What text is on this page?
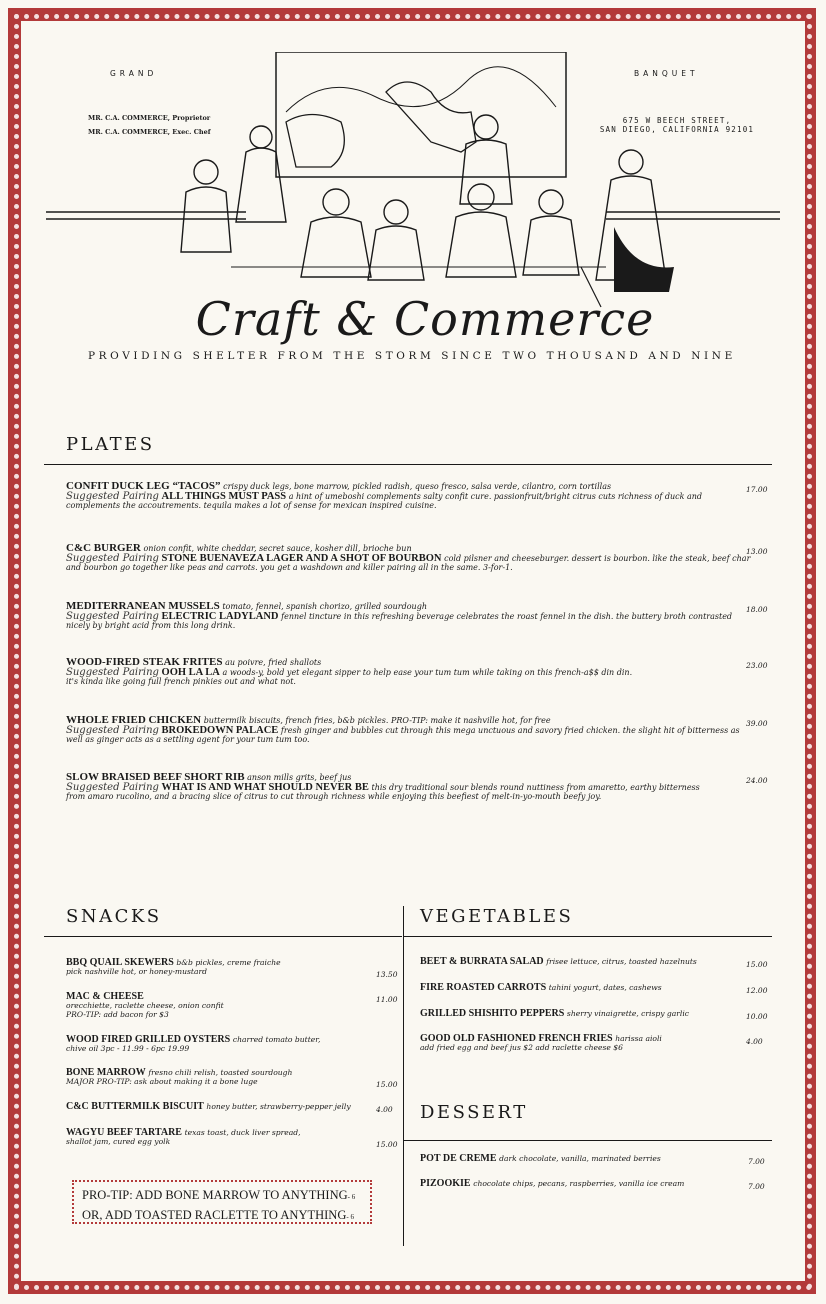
GRAND	BANQUET
MR. C.A. COMMERCE, Proprietor
MR. C.A. COMMERCE, Exec. Chef
675 W BEECH STREET,
SAN DIEGO, CALIFORNIA 92101
Craft & Commerce
PROVIDING SHELTER FROM THE STORM SINCE TWO THOUSAND AND NINE
PLATES
CONFIT DUCK LEG “TACOS” crispy duck legs, bone marrow, pickled radish, queso fresco, salsa verde, cilantro, corn tortillas
Suggested Pairing ALL THINGS MUST PASS a hint of umeboshi complements salty confit cure. passionfruit/bright citrus cuts richness of duck and
complements the accoutrements. tequila makes a lot of sense for mexican inspired cuisine.
17.00
C&C BURGER onion confit, white cheddar, secret sauce, kosher dill, brioche bun
Suggested Pairing STONE BUENAVEZA LAGER AND A SHOT OF BOURBON cold pilsner and cheeseburger. dessert is bourbon. like the steak, beef char
and bourbon go together like peas and carrots. you get a washdown and killer pairing all in the same. 3-for-1.
13.00
MEDITERRANEAN MUSSELS tomato, fennel, spanish chorizo, grilled sourdough
Suggested Pairing ELECTRIC LADYLAND fennel tincture in this refreshing beverage celebrates the roast fennel in the dish. the buttery broth contrasted
nicely by bright acid from this long drink.
18.00
WOOD-FIRED STEAK FRITES au poivre, fried shallots
Suggested Pairing OOH LA LA a woods-y, bold yet elegant sipper to help ease your tum tum while taking on this french-a$$ din din.
it's kinda like going full french pinkies out and what not.
23.00
WHOLE FRIED CHICKEN buttermilk biscuits, french fries, b&b pickles. PRO-TIP: make it nashville hot, for free
Suggested Pairing BROKEDOWN PALACE fresh ginger and bubbles cut through this mega unctuous and savory fried chicken. the slight hit of bitterness as
well as ginger acts as a settling agent for your tum tum too.
39.00
SLOW BRAISED BEEF SHORT RIB anson mills grits, beef jus
Suggested Pairing WHAT IS AND WHAT SHOULD NEVER BE this dry traditional sour blends round nuttiness from amaretto, earthy bitterness
from amaro rucolino, and a bracing slice of citrus to cut through richness while enjoying this beefiest of melt-in-yo-mouth beefy joy.
24.00
SNACKS
BBQ QUAIL SKEWERS b&b pickles, creme fraiche
pick nashville hot, or honey-mustard	13.50
MAC & CHEESE
orecchiette, raclette cheese, onion confit
PRO-TIP: add bacon for $3
11.00
WOOD FIRED GRILLED OYSTERS charred tomato butter,
chive oil 3pc - 11.99 - 6pc 19.99
BONE MARROW fresno chili relish, toasted sourdough
MAJOR PRO-TIP: ask about making it a bone luge	15.00
C&C BUTTERMILK BISCUIT honey butter, strawberry-pepper jelly	4.00
WAGYU BEEF TARTARE texas toast, duck liver spread,
shallot jam, cured egg yolk	15.00
PRO-TIP: ADD BONE MARROW TO ANYTHING- 6
OR, ADD TOASTED RACLETTE TO ANYTHING- 6
VEGETABLES
BEET & BURRATA SALAD frisee lettuce, citrus, toasted hazelnuts	15.00
FIRE ROASTED CARROTS tahini yogurt, dates, cashews	12.00
GRILLED SHISHITO PEPPERS sherry vinaigrette, crispy garlic	10.00
GOOD OLD FASHIONED FRENCH FRIES harissa aioli
add fried egg and beef jus $2 add raclette cheese $6
4.00
DESSERT
POT DE CREME dark chocolate, vanilla, marinated berries	7.00
PIZOOKIE chocolate chips, pecans, raspberries, vanilla ice cream	7.00
